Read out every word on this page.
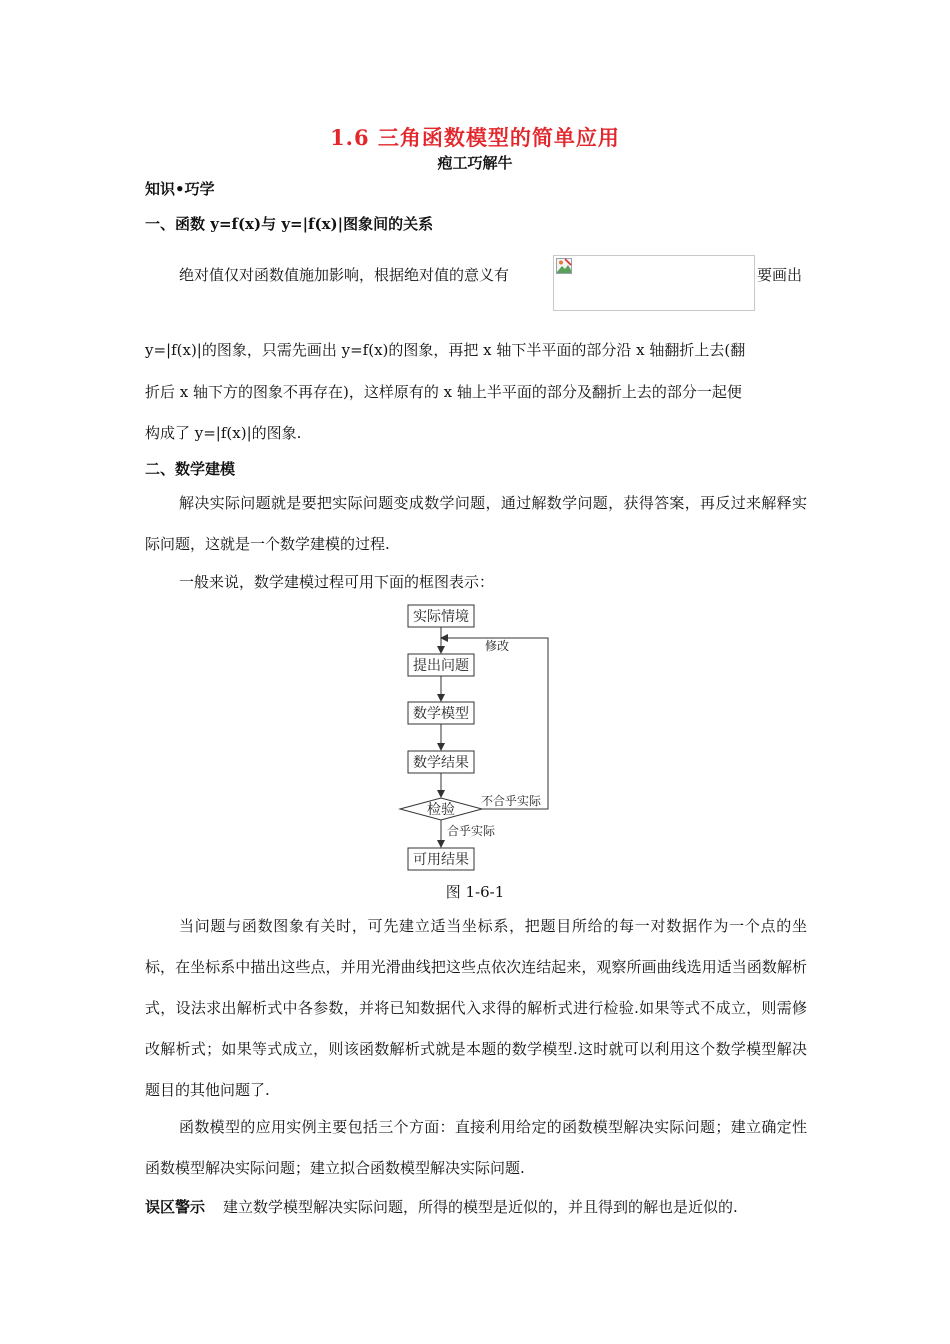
1.6 三角函数模型的简单应用
疱工巧解牛
知识•巧学
一、函数 y=f(x)与 y=|f(x)|图象间的关系
绝对值仅对函数值施加影响，根据绝对值的意义有	要画出
y=|f(x)|的图象，只需先画出 y=f(x)的图象，再把 x 轴下半平面的部分沿 x 轴翻折上去(翻
折后 x 轴下方的图象不再存在)，这样原有的 x 轴上半平面的部分及翻折上去的部分一起便
构成了 y=|f(x)|的图象.
二、数学建模
解决实际问题就是要把实际问题变成数学问题，通过解数学问题，获得答案，再反过来解释实际问题，这就是一个数学建模的过程.
一般来说，数学建模过程可用下面的框图表示：
实际情境
提出问题
数学模型
数学结果
检验
可用结果
修改
不合乎实际
合乎实际
图 1-6-1
当问题与函数图象有关时，可先建立适当坐标系，把题目所给的每一对数据作为一个点的坐标，在坐标系中描出这些点，并用光滑曲线把这些点依次连结起来，观察所画曲线选用适当函数解析式，设法求出解析式中各参数，并将已知数据代入求得的解析式进行检验.如果等式不成立，则需修改解析式；如果等式成立，则该函数解析式就是本题的数学模型.这时就可以利用这个数学模型解决题目的其他问题了.
函数模型的应用实例主要包括三个方面：直接利用给定的函数模型解决实际问题；建立确定性函数模型解决实际问题；建立拟合函数模型解决实际问题.
误区警示 建立数学模型解决实际问题，所得的模型是近似的，并且得到的解也是近似的.
